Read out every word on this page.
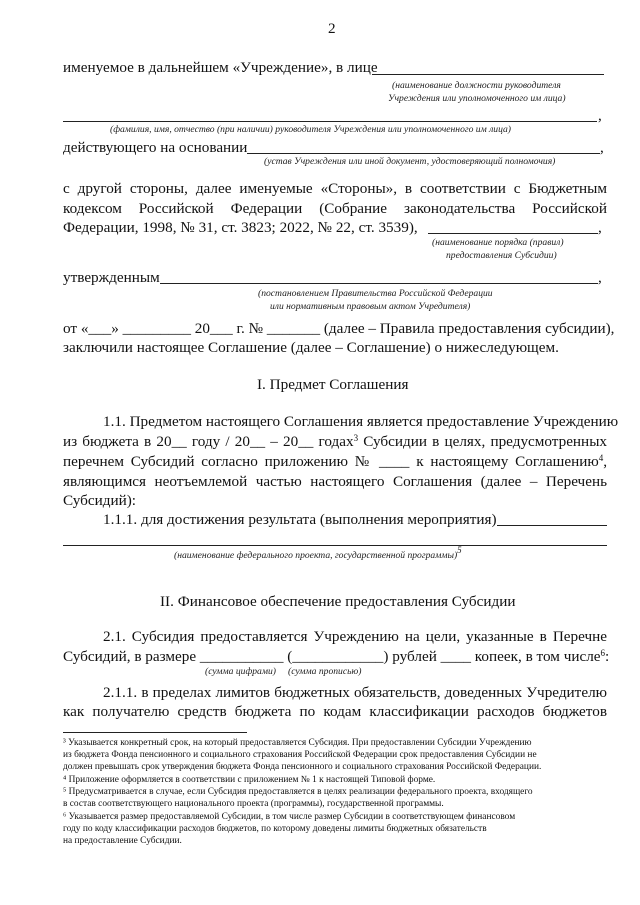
2
именуемое в дальнейшем «Учреждение», в лице
(наименование должности руководителя
Учреждения или уполномоченного им лица)
,
(фамилия, имя, отчество (при наличии) руководителя Учреждения или уполномоченного им лица)
действующего на основании	,
(устав Учреждения или иной документ, удостоверяющий полномочия)
с другой стороны, далее именуемые «Стороны», в соответствии с Бюджетным
кодексом Российской Федерации (Собрание законодательства Российской
Федерации, 1998, № 31, ст. 3823; 2022, № 22, ст. 3539),	,
(наименование порядка (правил)
предоставления Субсидии)
утвержденным	,
(постановлением Правительства Российской Федерации
или нормативным правовым актом Учредителя)
от «___» _________ 20___ г. № _______ (далее – Правила предоставления субсидии),
заключили настоящее Соглашение (далее – Соглашение) о нижеследующем.
I. Предмет Соглашения
1.1. Предметом настоящего Соглашения является предоставление Учреждению
из бюджета в 20__ году / 20__ – 20__ годах$^3$ Субсидии в целях, предусмотренных
перечнем Субсидий согласно приложению № ____ к настоящему Соглашению$^4$,
являющимся неотъемлемой частью настоящего Соглашения (далее – Перечень
Субсидий):
1.1.1. для достижения результата (выполнения мероприятия)
(наименование федерального проекта, государственной программы)$^5$
II. Финансовое обеспечение предоставления Субсидии
2.1. Субсидия предоставляется Учреждению на цели, указанные в Перечне
Субсидий, в размере ___________ (____________) рублей ____ копеек, в том числе$^6$:
(сумма цифрами) (сумма прописью)
2.1.1. в пределах лимитов бюджетных обязательств, доведенных Учредителю
как получателю средств бюджета по кодам классификации расходов бюджетов
³ Указывается конкретный срок, на который предоставляется Субсидия. При предоставлении Субсидии Учреждению
из бюджета Фонда пенсионного и социального страхования Российской Федерации срок предоставления Субсидии не
должен превышать срок утверждения бюджета Фонда пенсионного и социального страхования Российской Федерации.
⁴ Приложение оформляется в соответствии с приложением № 1 к настоящей Типовой форме.
⁵ Предусматривается в случае, если Субсидия предоставляется в целях реализации федерального проекта, входящего
в состав соответствующего национального проекта (программы), государственной программы.
⁶ Указывается размер предоставляемой Субсидии, в том числе размер Субсидии в соответствующем финансовом
году по коду классификации расходов бюджетов, по которому доведены лимиты бюджетных обязательств
на предоставление Субсидии.
